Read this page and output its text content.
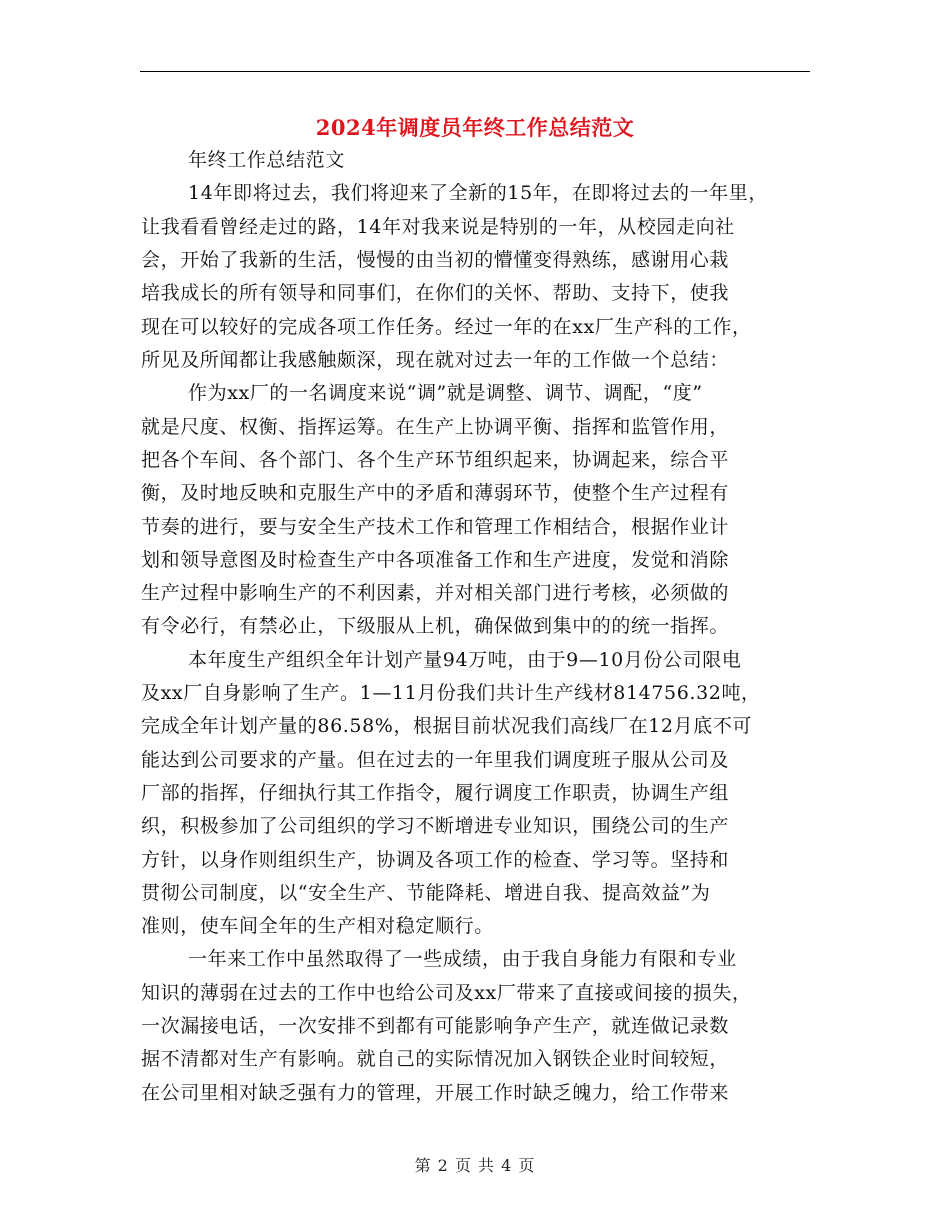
2024年调度员年终工作总结范文
年终工作总结范文
14年即将过去，我们将迎来了全新的15年，在即将过去的一年里，
让我看看曾经走过的路，14年对我来说是特别的一年，从校园走向社
会，开始了我新的生活，慢慢的由当初的懵懂变得熟练，感谢用心栽
培我成长的所有领导和同事们，在你们的关怀、帮助、支持下，使我
现在可以较好的完成各项工作任务。经过一年的在xx厂生产科的工作，
所见及所闻都让我感触颇深，现在就对过去一年的工作做一个总结：
作为xx厂的一名调度来说“调”就是调整、调节、调配，“度”
就是尺度、权衡、指挥运筹。在生产上协调平衡、指挥和监管作用，
把各个车间、各个部门、各个生产环节组织起来，协调起来，综合平
衡，及时地反映和克服生产中的矛盾和薄弱环节，使整个生产过程有
节奏的进行，要与安全生产技术工作和管理工作相结合，根据作业计
划和领导意图及时检查生产中各项准备工作和生产进度，发觉和消除
生产过程中影响生产的不利因素，并对相关部门进行考核，必须做的
有令必行，有禁必止，下级服从上机，确保做到集中的的统一指挥。
本年度生产组织全年计划产量94万吨，由于9—10月份公司限电
及xx厂自身影响了生产。1—11月份我们共计生产线材814756.32吨，
完成全年计划产量的86.58%，根据目前状况我们高线厂在12月底不可
能达到公司要求的产量。但在过去的一年里我们调度班子服从公司及
厂部的指挥，仔细执行其工作指令，履行调度工作职责，协调生产组
织，积极参加了公司组织的学习不断增进专业知识，围绕公司的生产
方针，以身作则组织生产，协调及各项工作的检查、学习等。坚持和
贯彻公司制度，以“安全生产、节能降耗、增进自我、提高效益”为
准则，使车间全年的生产相对稳定顺行。
一年来工作中虽然取得了一些成绩，由于我自身能力有限和专业
知识的薄弱在过去的工作中也给公司及xx厂带来了直接或间接的损失，
一次漏接电话，一次安排不到都有可能影响争产生产，就连做记录数
据不清都对生产有影响。就自己的实际情况加入钢铁企业时间较短，
在公司里相对缺乏强有力的管理，开展工作时缺乏魄力，给工作带来
第 2 页 共 4 页
